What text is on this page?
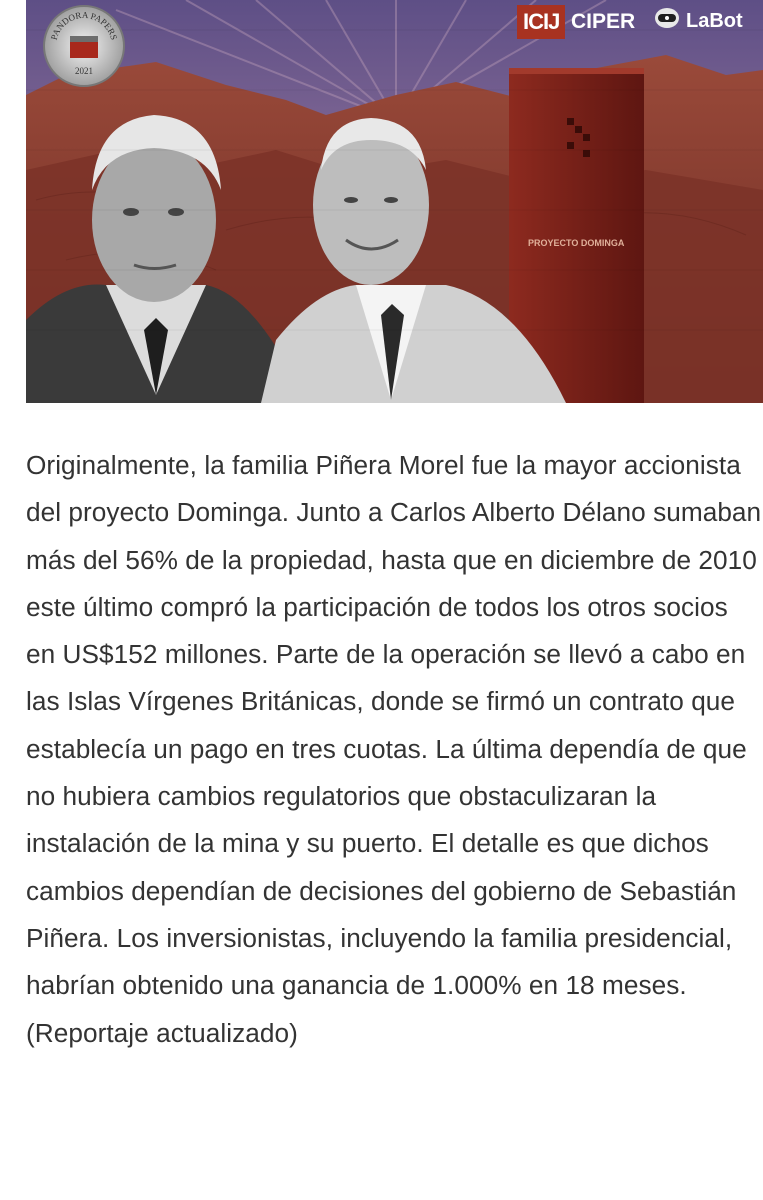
PROYECTO DOMINGA
PANDORA PAPERS
2021
ICIJ CIPER	LaBot

Originalmente, la familia Piñera Morel fue la mayor accionista del proyecto Dominga. Junto a Carlos Alberto Délano sumaban más del 56% de la propiedad, hasta que en diciembre de 2010 este último compró la participación de todos los otros socios en US$152 millones. Parte de la operación se llevó a cabo en las Islas Vírgenes Británicas, donde se firmó un contrato que establecía un pago en tres cuotas. La última dependía de que no hubiera cambios regulatorios que obstaculizaran la instalación de la mina y su puerto. El detalle es que dichos cambios dependían de decisiones del gobierno de Sebastián Piñera. Los inversionistas, incluyendo la familia presidencial, habrían obtenido una ganancia de 1.000% en 18 meses. (Reportaje actualizado)
